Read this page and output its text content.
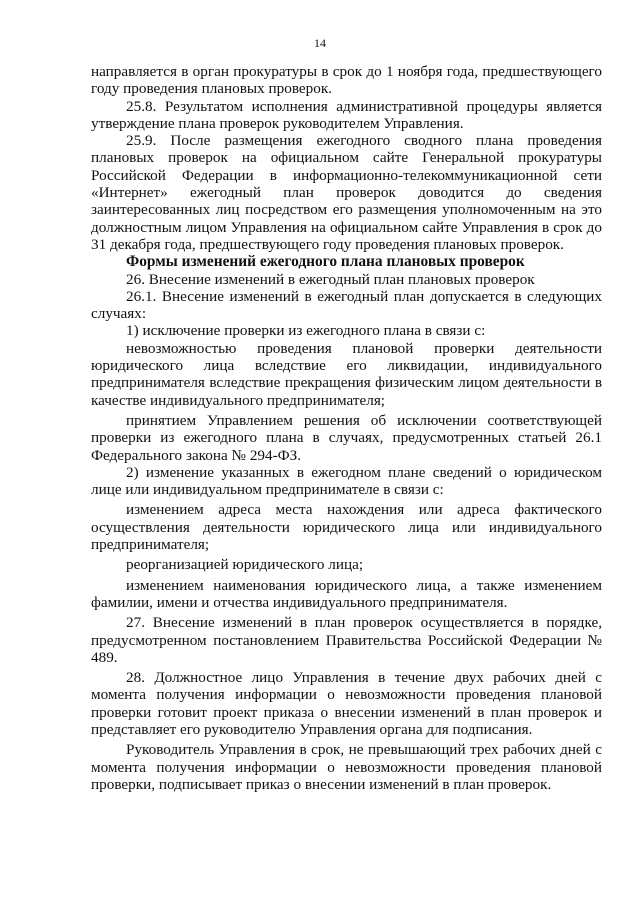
14

направляется в орган прокуратуры в срок до 1 ноября года, предшествующего году проведения плановых проверок.

25.8. Результатом исполнения административной процедуры является утверждение плана проверок руководителем Управления.

25.9. После размещения ежегодного сводного плана проведения плановых проверок на официальном сайте Генеральной прокуратуры Российской Федерации в информационно-телекоммуникационной сети «Интернет» ежегодный план проверок доводится до сведения заинтересованных лиц посредством его размещения уполномоченным на это должностным лицом Управления на официальном сайте Управления в срок до 31 декабря года, предшествующего году проведения плановых проверок.

Формы изменений ежегодного плана плановых проверок

26. Внесение изменений в ежегодный план плановых проверок

26.1. Внесение изменений в ежегодный план допускается в следующих случаях:

1) исключение проверки из ежегодного плана в связи с:

невозможностью проведения плановой проверки деятельности юридического лица вследствие его ликвидации, индивидуального предпринимателя вследствие прекращения физическим лицом деятельности в качестве индивидуального предпринимателя;

принятием Управлением решения об исключении соответствующей проверки из ежегодного плана в случаях, предусмотренных статьей 26.1 Федерального закона № 294-ФЗ.

2) изменение указанных в ежегодном плане сведений о юридическом лице или индивидуальном предпринимателе в связи с:

изменением адреса места нахождения или адреса фактического осуществления деятельности юридического лица или индивидуального предпринимателя;

реорганизацией юридического лица;

изменением наименования юридического лица, а также изменением фамилии, имени и отчества индивидуального предпринимателя.

27. Внесение изменений в план проверок осуществляется в порядке, предусмотренном постановлением Правительства Российской Федерации № 489.

28. Должностное лицо Управления в течение двух рабочих дней с момента получения информации о невозможности проведения плановой проверки готовит проект приказа о внесении изменений в план проверок и представляет его руководителю Управления органа для подписания.

Руководитель Управления в срок, не превышающий трех рабочих дней с момента получения информации о невозможности проведения плановой проверки, подписывает приказ о внесении изменений в план проверок.
